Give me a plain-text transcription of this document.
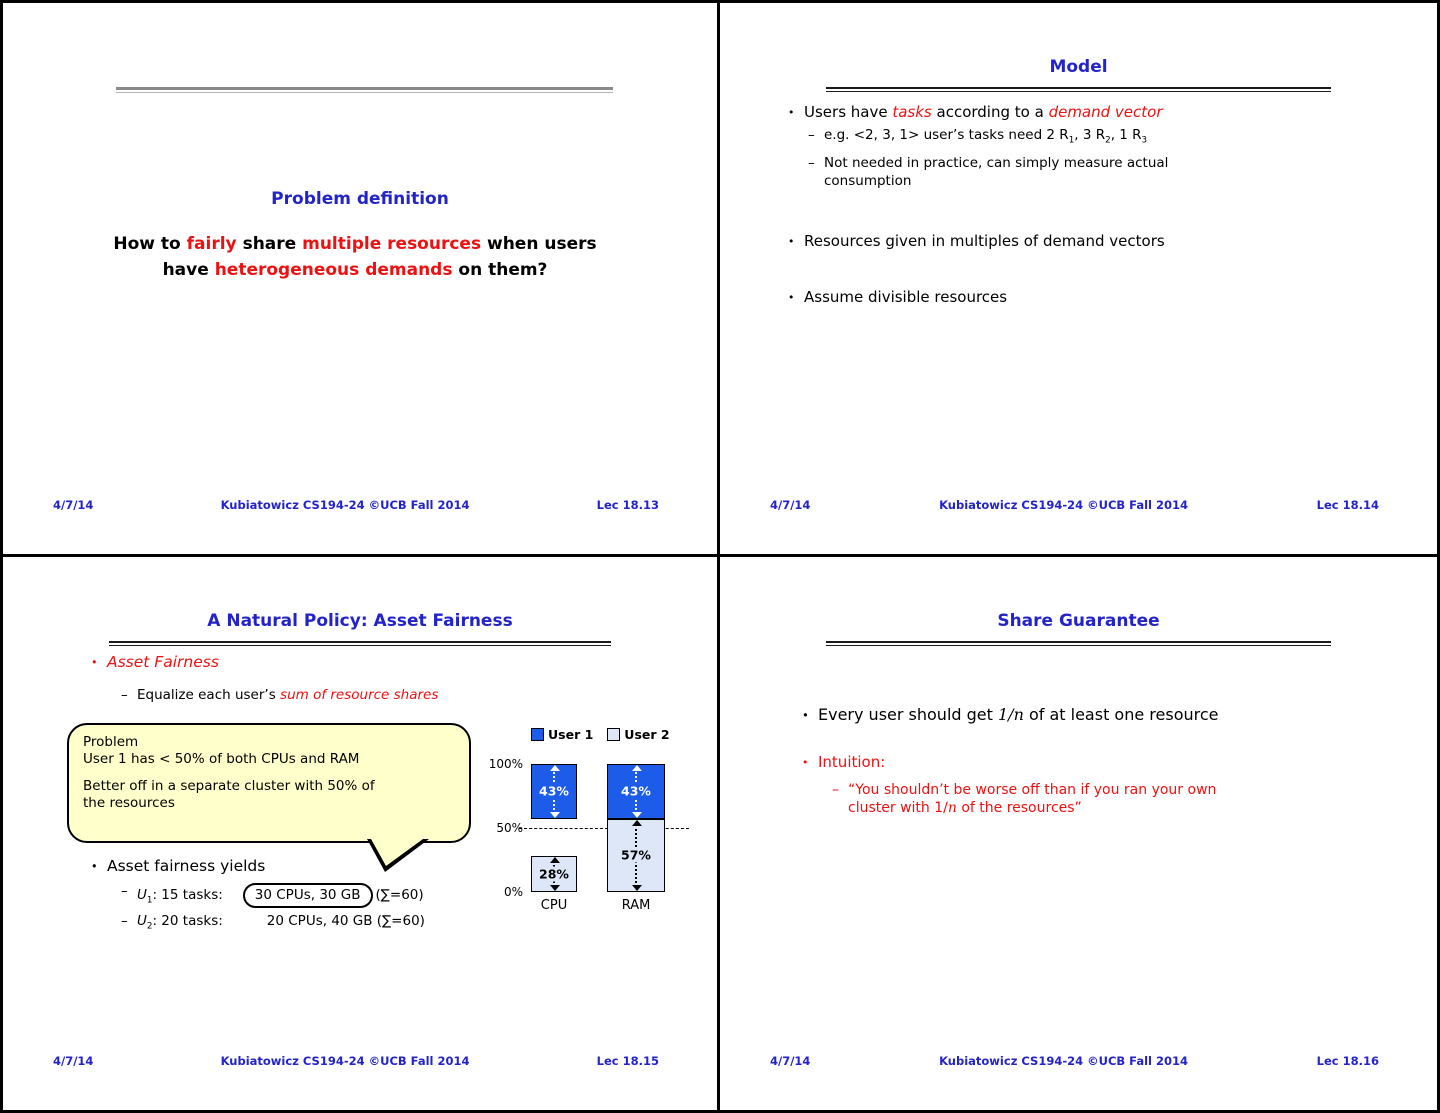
Problem definition

How to fairly share multiple resources when users
have heterogeneous demands on them?

4/7/14	Kubiatowicz CS194-24 ©UCB Fall 2014	Lec 18.13
Model
• Users have tasks according to a demand vector
– e.g. <2, 3, 1> user’s tasks need 2 $R_1$, 3 $R_2$, 1 $R_3$
– Not needed in practice, can simply measure actual
consumption
• Resources given in multiples of demand vectors
• Assume divisible resources
4/7/14	Kubiatowicz CS194-24 ©UCB Fall 2014	Lec 18.14
A Natural Policy: Asset Fairness
• Asset Fairness
– Equalize each user’s sum of resource shares
Problem
User 1 has < 50% of both CPUs and RAM
Better off in a separate cluster with 50% of
the resources
• Asset fairness yields
– $U_1$: 15 tasks: 30 CPUs, 30 GB (∑=60)
– $U_2$: 20 tasks:	20 CPUs, 40 GB (∑=60)
User 1 User 2
100%
50%
0%
43%
28%
43%
57%
CPU	RAM
4/7/14	Kubiatowicz CS194-24 ©UCB Fall 2014	Lec 18.15
Share Guarantee
• Every user should get 1/n of at least one resource
• Intuition:
– “You shouldn’t be worse off than if you ran your own
cluster with 1/n of the resources”
4/7/14	Kubiatowicz CS194-24 ©UCB Fall 2014	Lec 18.16
